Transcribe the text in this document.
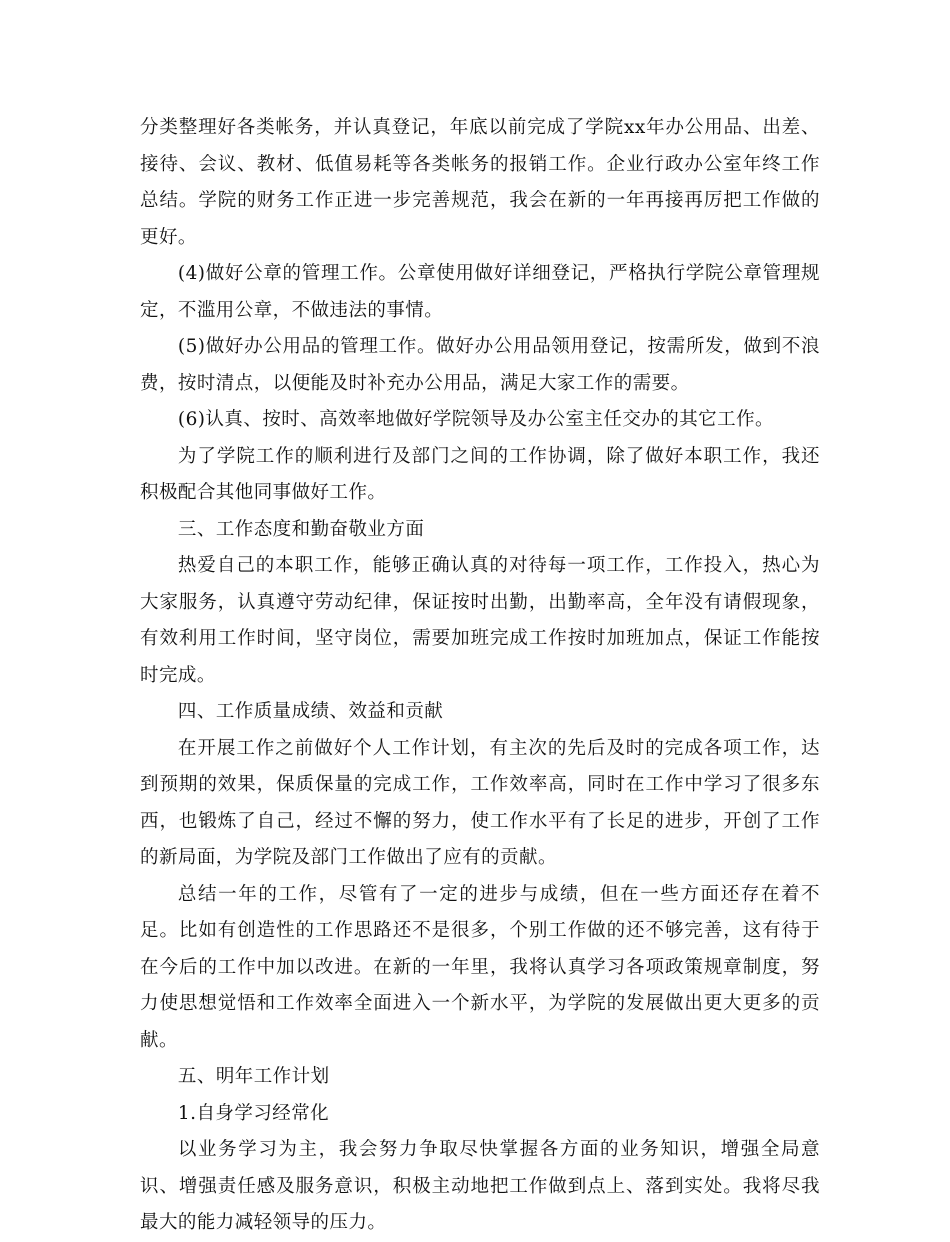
分类整理好各类帐务，并认真登记，年底以前完成了学院xx年办公用品、出差、接待、会议、教材、低值易耗等各类帐务的报销工作。企业行政办公室年终工作总结。学院的财务工作正进一步完善规范，我会在新的一年再接再厉把工作做的更好。

(4)做好公章的管理工作。公章使用做好详细登记，严格执行学院公章管理规定，不滥用公章，不做违法的事情。

(5)做好办公用品的管理工作。做好办公用品领用登记，按需所发，做到不浪费，按时清点，以便能及时补充办公用品，满足大家工作的需要。

(6)认真、按时、高效率地做好学院领导及办公室主任交办的其它工作。

为了学院工作的顺利进行及部门之间的工作协调，除了做好本职工作，我还积极配合其他同事做好工作。

三、工作态度和勤奋敬业方面

热爱自己的本职工作，能够正确认真的对待每一项工作，工作投入，热心为大家服务，认真遵守劳动纪律，保证按时出勤，出勤率高，全年没有请假现象，有效利用工作时间，坚守岗位，需要加班完成工作按时加班加点，保证工作能按时完成。

四、工作质量成绩、效益和贡献

在开展工作之前做好个人工作计划，有主次的先后及时的完成各项工作，达到预期的效果，保质保量的完成工作，工作效率高，同时在工作中学习了很多东西，也锻炼了自己，经过不懈的努力，使工作水平有了长足的进步，开创了工作的新局面，为学院及部门工作做出了应有的贡献。

总结一年的工作，尽管有了一定的进步与成绩，但在一些方面还存在着不足。比如有创造性的工作思路还不是很多，个别工作做的还不够完善，这有待于在今后的工作中加以改进。在新的一年里，我将认真学习各项政策规章制度，努力使思想觉悟和工作效率全面进入一个新水平，为学院的发展做出更大更多的贡献。

五、明年工作计划

1.自身学习经常化

以业务学习为主，我会努力争取尽快掌握各方面的业务知识，增强全局意识、增强责任感及服务意识，积极主动地把工作做到点上、落到实处。我将尽我最大的能力减轻领导的压力。
